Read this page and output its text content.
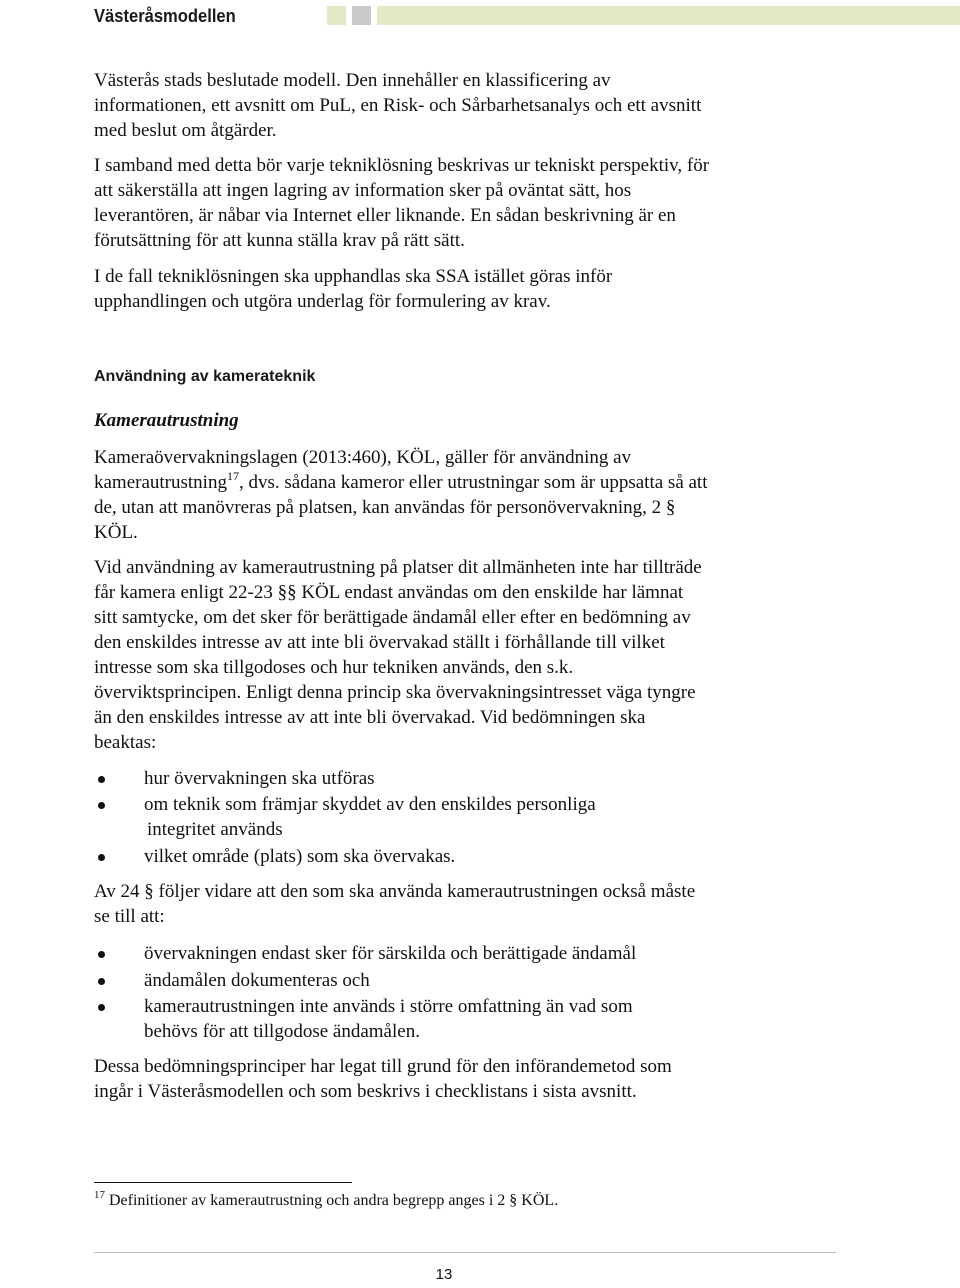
Västeråsmodellen
Västerås stads beslutade modell. Den innehåller en klassificering av
informationen, ett avsnitt om PuL, en Risk- och Sårbarhetsanalys och ett avsnitt
med beslut om åtgärder.
I samband med detta bör varje tekniklösning beskrivas ur tekniskt perspektiv, för
att säkerställa att ingen lagring av information sker på oväntat sätt, hos
leverantören, är nåbar via Internet eller liknande. En sådan beskrivning är en
förutsättning för att kunna ställa krav på rätt sätt.
I de fall tekniklösningen ska upphandlas ska SSA istället göras inför
upphandlingen och utgöra underlag för formulering av krav.
Användning av kamerateknik
Kamerautrustning
Kameraövervakningslagen (2013:460), KÖL, gäller för användning av
kamerautrustning$^{17}$, dvs. sådana kameror eller utrustningar som är uppsatta så att
de, utan att manövreras på platsen, kan användas för personövervakning, 2 §
KÖL.
Vid användning av kamerautrustning på platser dit allmänheten inte har tillträde
får kamera enligt 22-23 §§ KÖL endast användas om den enskilde har lämnat
sitt samtycke, om det sker för berättigade ändamål eller efter en bedömning av
den enskildes intresse av att inte bli övervakad ställt i förhållande till vilket
intresse som ska tillgodoses och hur tekniken används, den s.k.
överviktsprincipen. Enligt denna princip ska övervakningsintresset väga tyngre
än den enskildes intresse av att inte bli övervakad. Vid bedömningen ska
beaktas:
hur övervakningen ska utföras
om teknik som främjar skyddet av den enskildes personliga
integritet används
vilket område (plats) som ska övervakas.
Av 24 § följer vidare att den som ska använda kamerautrustningen också måste
se till att:
övervakningen endast sker för särskilda och berättigade ändamål
ändamålen dokumenteras och
kamerautrustningen inte används i större omfattning än vad som
behövs för att tillgodose ändamålen.
Dessa bedömningsprinciper har legat till grund för den införandemetod som
ingår i Västeråsmodellen och som beskrivs i checklistans i sista avsnitt.
$^{17}$ Definitioner av kamerautrustning och andra begrepp anges i 2 § KÖL.
13
